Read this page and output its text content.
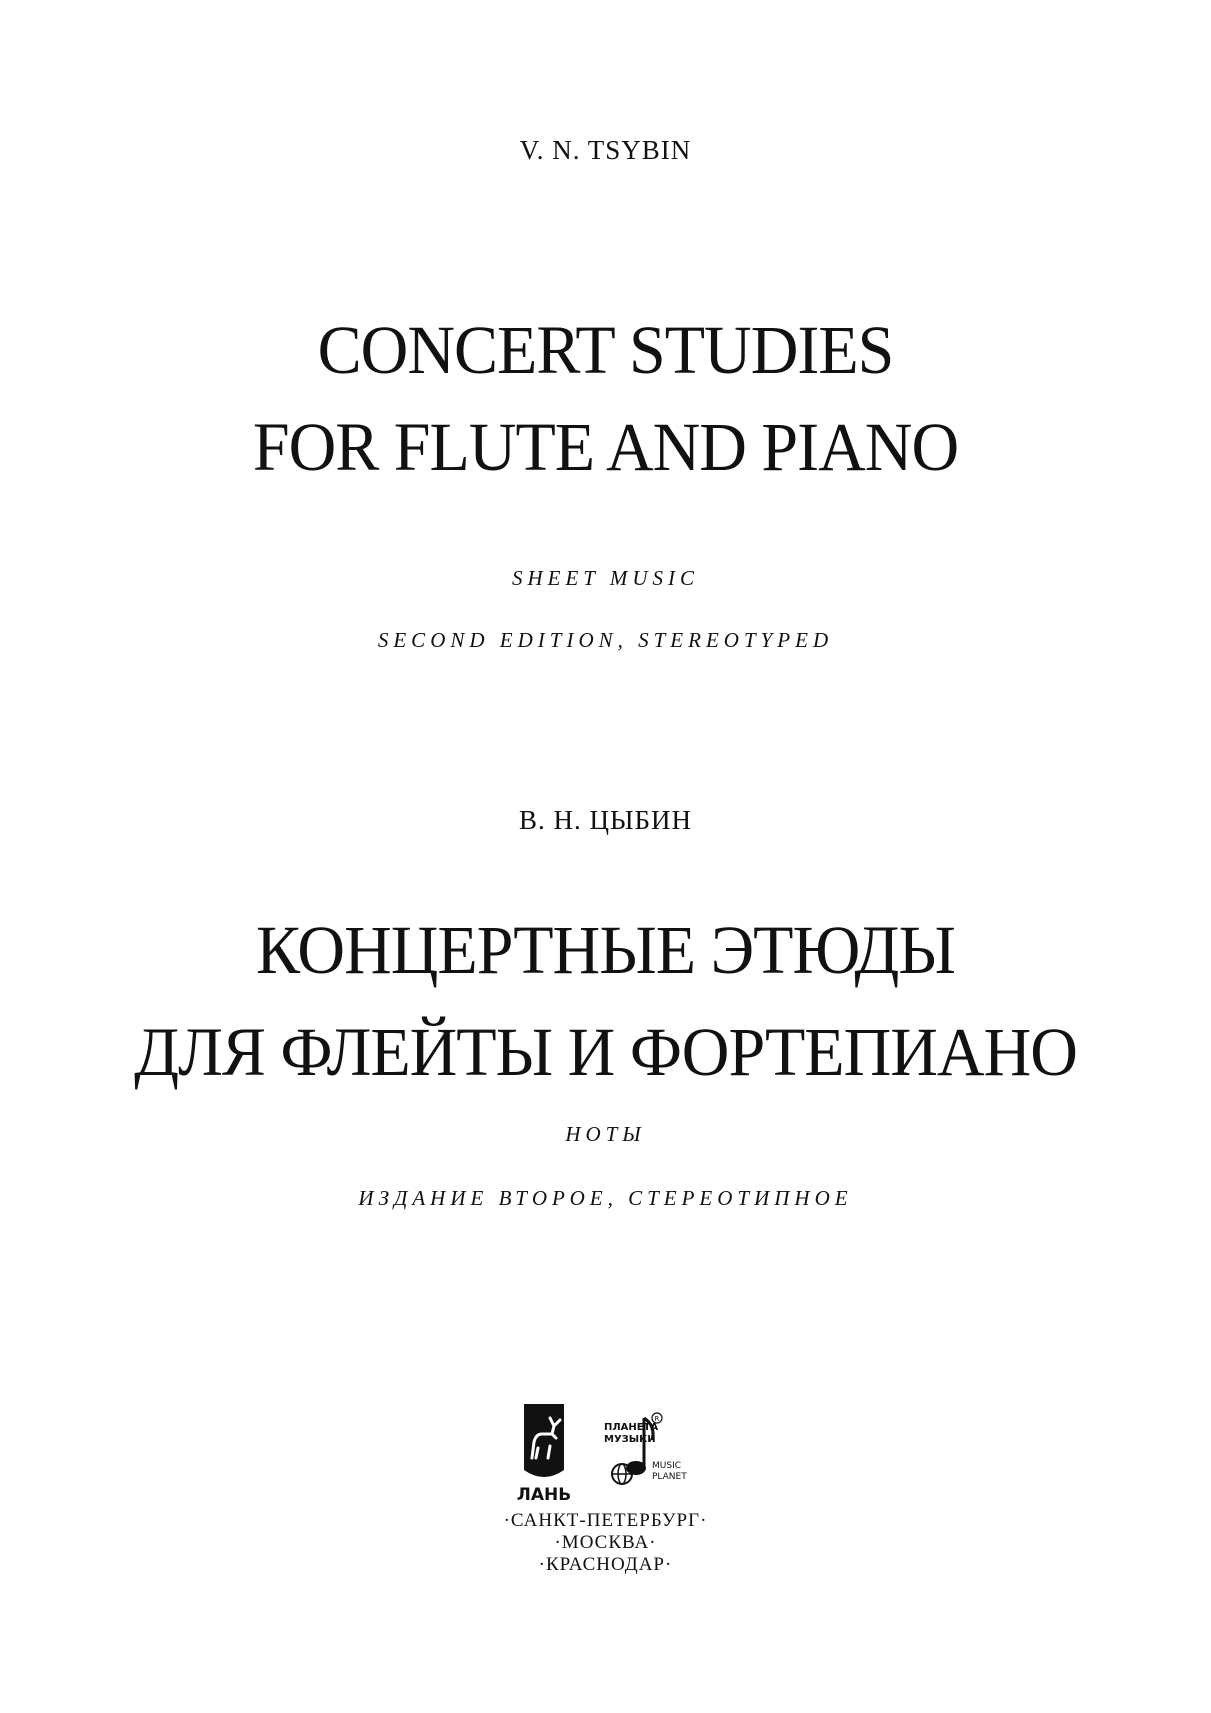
V. N. TSYBIN
CONCERT STUDIES
FOR FLUTE AND PIANO
SHEET MUSIC
SECOND EDITION, STEREOTYPED
В. Н. ЦЫБИН
КОНЦЕРТНЫЕ ЭТЮДЫ
ДЛЯ ФЛЕЙТЫ И ФОРТЕПИАНО
НОТЫ
ИЗДАНИЕ ВТОРОЕ, СТЕРЕОТИПНОЕ
ЛАНЬ
ПЛАНЕТА
МУЗЫКИ
R
MUSIC
PLANET
·САНКТ-ПЕТЕРБУРГ·
·МОСКВА·
·КРАСНОДАР·
